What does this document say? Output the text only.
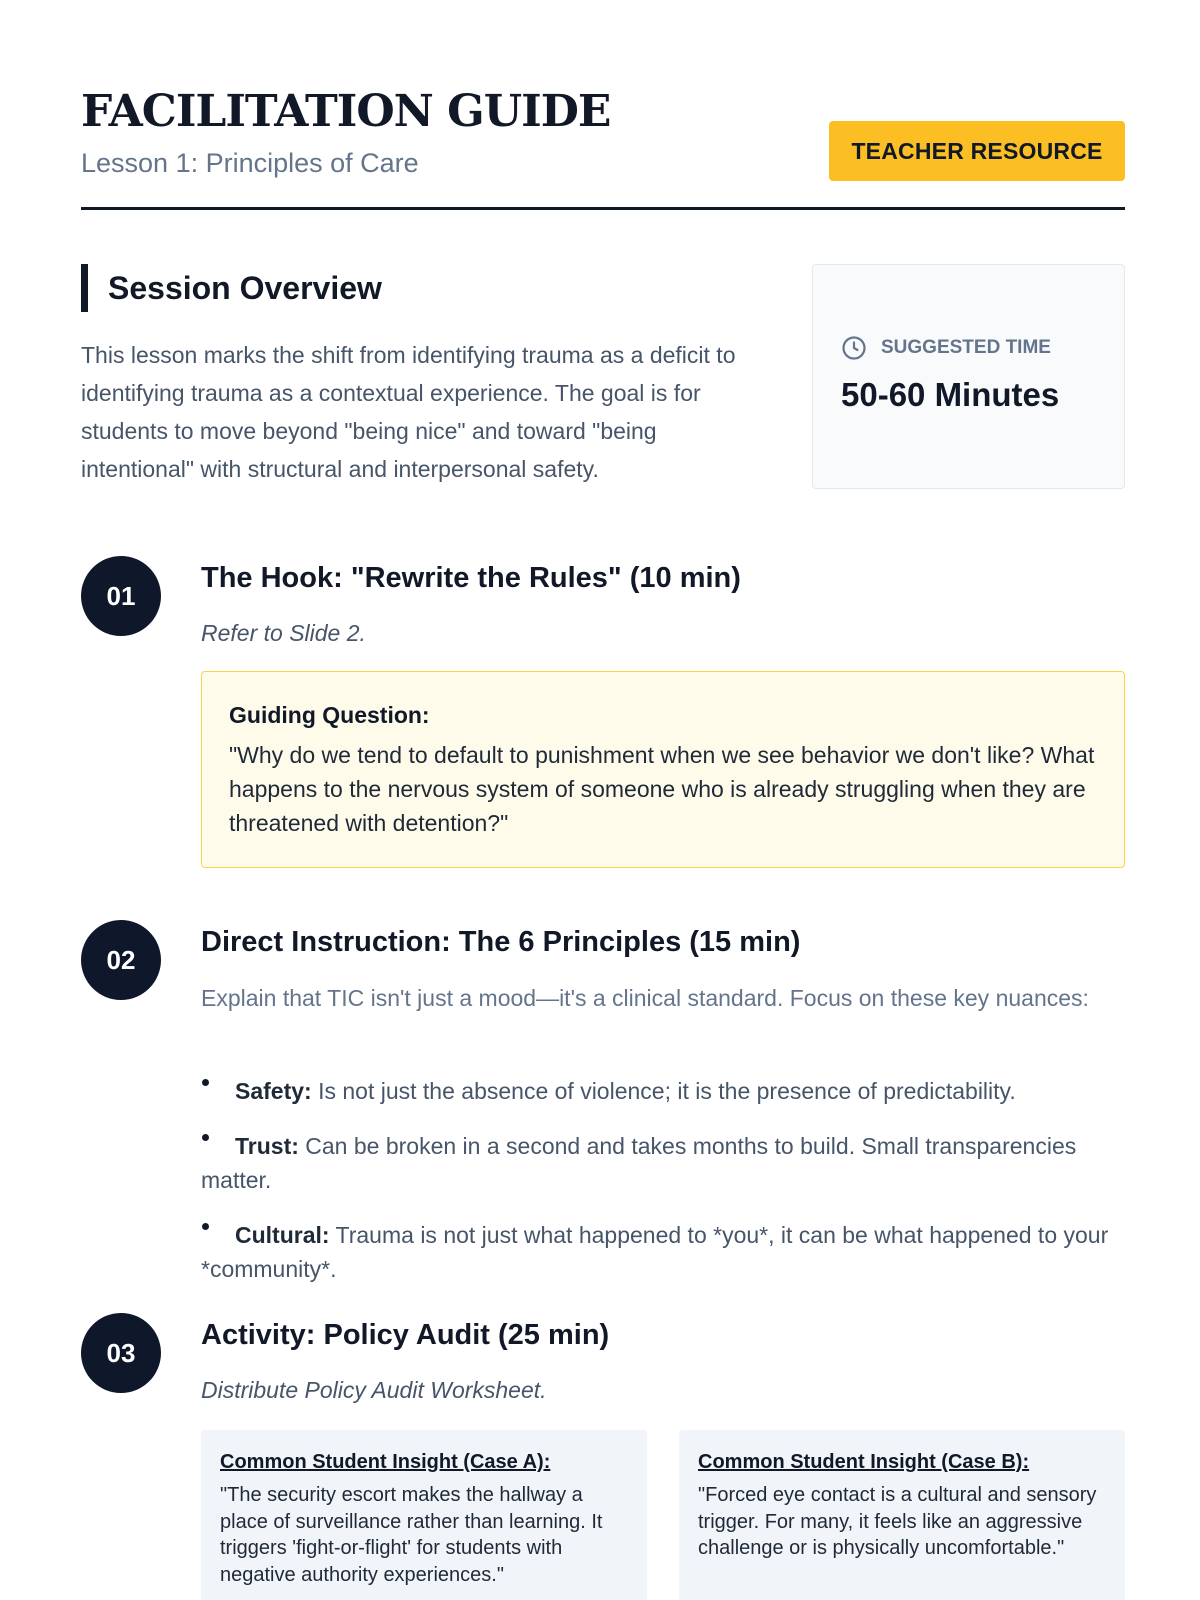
FACILITATION GUIDE
Lesson 1: Principles of Care	TEACHER RESOURCE
Session Overview

This lesson marks the shift from identifying trauma as a deficit to identifying trauma as a contextual experience. The goal is for students to move beyond "being nice" and toward "being intentional" with structural and interpersonal safety.

SUGGESTED TIME
50-60 Minutes
01
The Hook: "Rewrite the Rules" (10 min)
Refer to Slide 2.
Guiding Question:
"Why do we tend to default to punishment when we see behavior we don't like? What happens to the nervous system of someone who is already struggling when they are threatened with detention?"
02
Direct Instruction: The 6 Principles (15 min)

Explain that TIC isn't just a mood—it's a clinical standard. Focus on these key nuances:

Safety: Is not just the absence of violence; it is the presence of predictability.
Trust: Can be broken in a second and takes months to build. Small transparencies matter.
Cultural: Trauma is not just what happened to *you*, it can be what happened to your *community*.
03
Activity: Policy Audit (25 min)
Distribute Policy Audit Worksheet.
Common Student Insight (Case A):
"The security escort makes the hallway a place of surveillance rather than learning. It triggers 'fight-or-flight' for students with negative authority experiences."
Common Student Insight (Case B):
"Forced eye contact is a cultural and sensory trigger. For many, it feels like an aggressive challenge or is physically uncomfortable."
